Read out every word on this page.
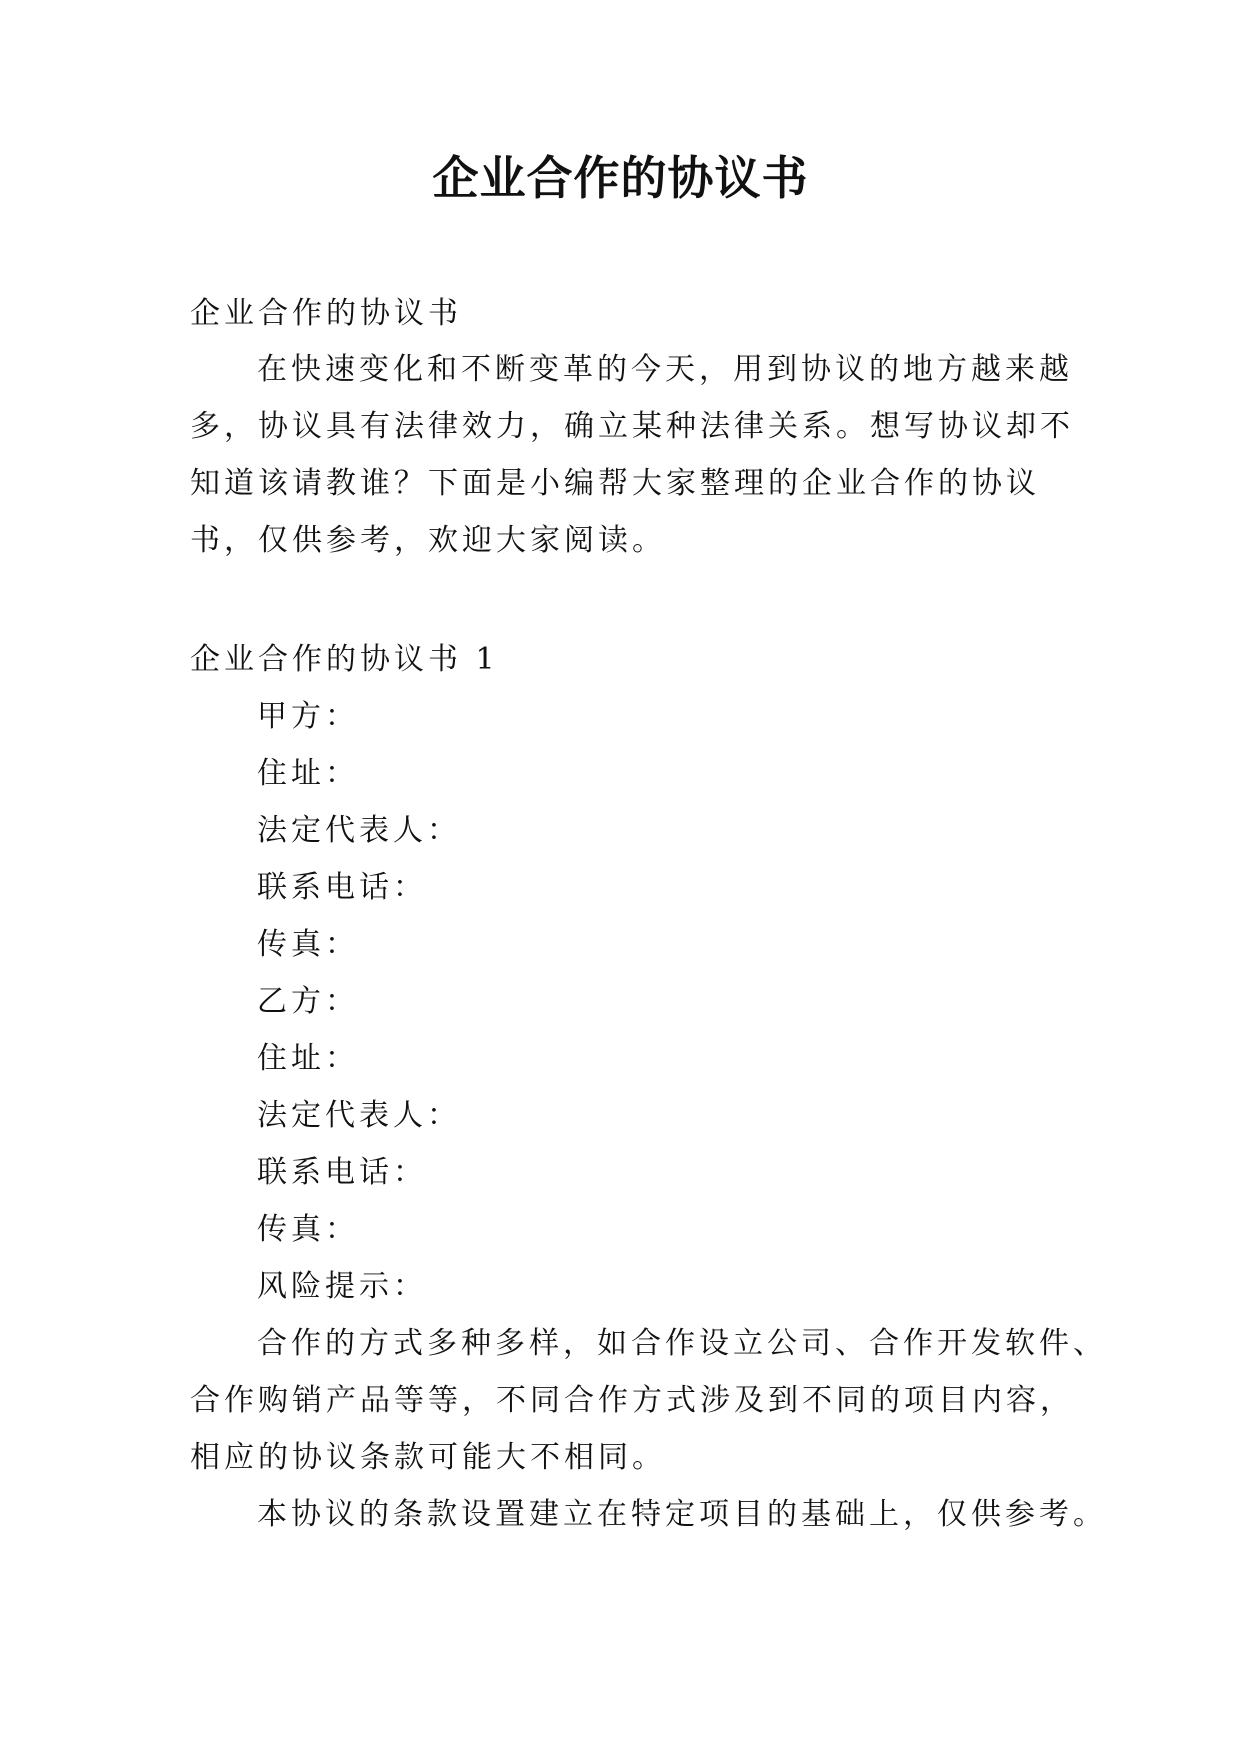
企业合作的协议书
企业合作的协议书
在快速变化和不断变革的今天，用到协议的地方越来越
多，协议具有法律效力，确立某种法律关系。想写协议却不
知道该请教谁？下面是小编帮大家整理的企业合作的协议
书，仅供参考，欢迎大家阅读。
企业合作的协议书 1
甲方：
住址：
法定代表人：
联系电话：
传真：
乙方：
住址：
法定代表人：
联系电话：
传真：
风险提示：
合作的方式多种多样，如合作设立公司、合作开发软件、
合作购销产品等等，不同合作方式涉及到不同的项目内容，
相应的协议条款可能大不相同。
本协议的条款设置建立在特定项目的基础上，仅供参考。
